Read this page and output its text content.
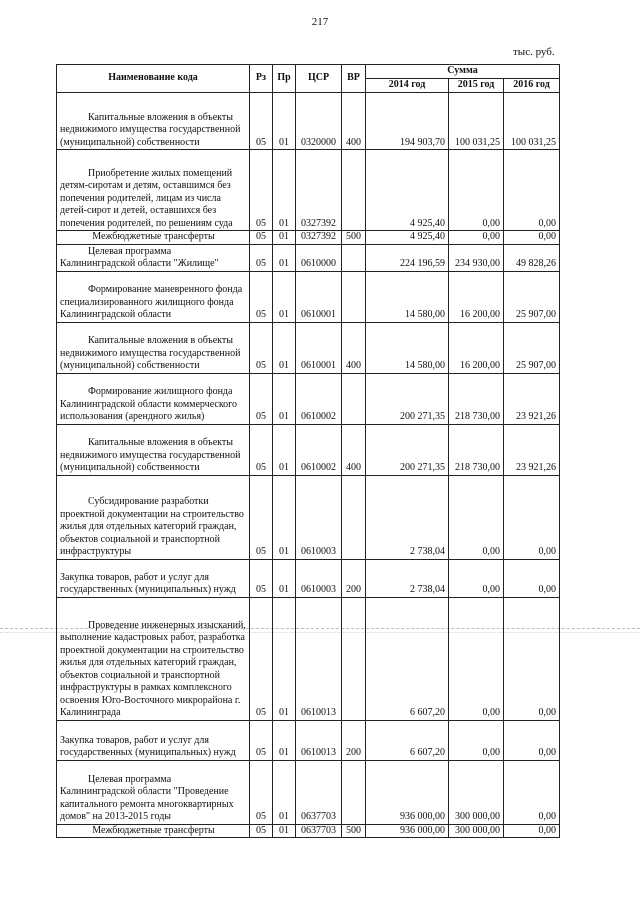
217
тыс. руб.
Наименование кода	Рз	Пр	ЦСР	ВР	Сумма		
					2014 год	2015 год	2016 год
Капитальные вложения в объекты недвижимого имущества государственной (муниципальной) собственности	05	01	0320000	400	194 903,70	100 031,25	100 031,25
Приобретение жилых помещений детям-сиротам и детям, оставшимся без попечения родителей, лицам из числа детей-сирот и детей, оставшихся без попечения родителей, по решениям суда	05	01	0327392		4 925,40	0,00	0,00
Межбюджетные трансферты	05	01	0327392	500	4 925,40	0,00	0,00
Целевая программа Калининградской области "Жилище"	05	01	0610000		224 196,59	234 930,00	49 828,26
Формирование маневренного фонда специализированного жилищного фонда Калининградской области	05	01	0610001		14 580,00	16 200,00	25 907,00
Капитальные вложения в объекты недвижимого имущества государственной (муниципальной) собственности	05	01	0610001	400	14 580,00	16 200,00	25 907,00
Формирование жилищного фонда Калининградской области коммерческого использования (арендного жилья)	05	01	0610002		200 271,35	218 730,00	23 921,26
Капитальные вложения в объекты недвижимого имущества государственной (муниципальной) собственности	05	01	0610002	400	200 271,35	218 730,00	23 921,26
Субсидирование разработки проектной документации на строительство жилья для отдельных категорий граждан, объектов социальной и транспортной инфраструктуры	05	01	0610003		2 738,04	0,00	0,00
Закупка товаров, работ и услуг для государственных (муниципальных) нужд	05	01	0610003	200	2 738,04	0,00	0,00
Проведение инженерных изысканий, выполнение кадастровых работ, разработка проектной документации на строительство жилья для отдельных категорий граждан, объектов социальной и транспортной инфраструктуры в рамках комплексного освоения Юго-Восточного микрорайона г. Калининграда	05	01	0610013		6 607,20	0,00	0,00
Закупка товаров, работ и услуг для государственных (муниципальных) нужд	05	01	0610013	200	6 607,20	0,00	0,00
Целевая программа Калининградской области "Проведение капитального ремонта многоквартирных домов" на 2013-2015 годы	05	01	0637703		936 000,00	300 000,00	0,00
Межбюджетные трансферты	05	01	0637703	500	936 000,00	300 000,00	0,00
